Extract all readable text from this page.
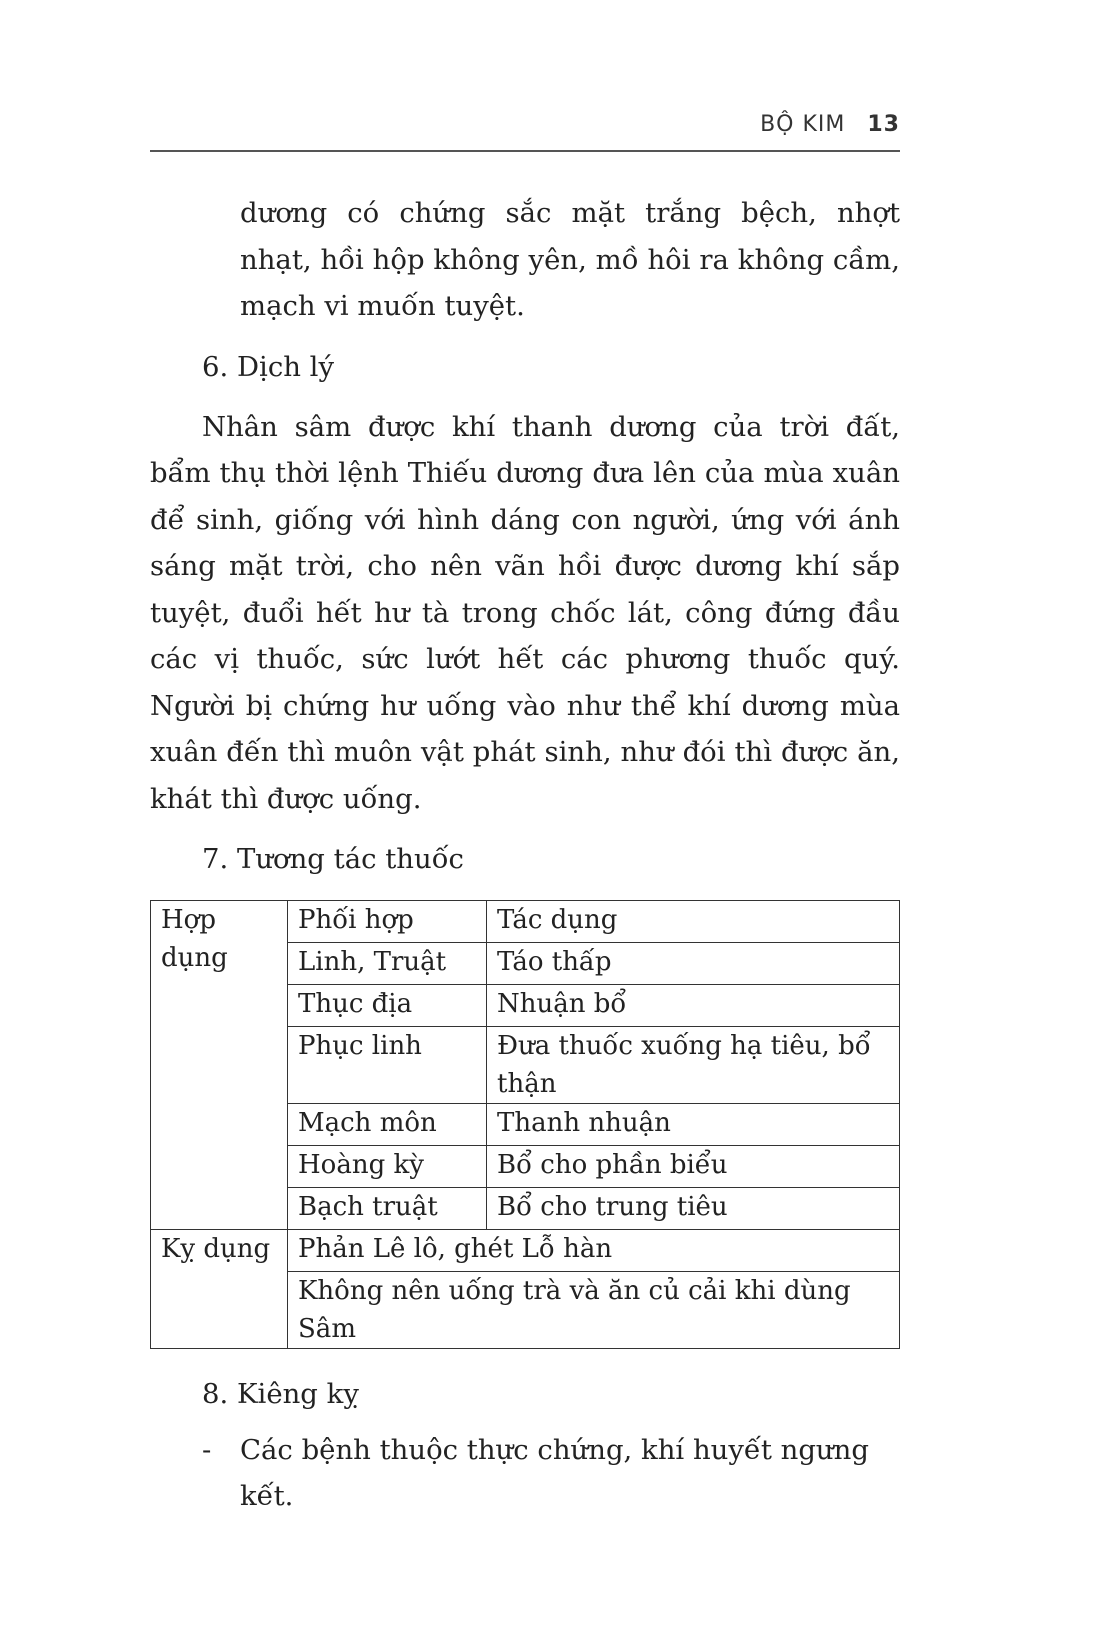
BỘ KIM 13

dương có chứng sắc mặt trắng bệch, nhợt nhạt, hồi hộp không yên, mồ hôi ra không cầm, mạch vi muốn tuyệt.

6. Dịch lý

Nhân sâm được khí thanh dương của trời đất, bẩm thụ thời lệnh Thiếu dương đưa lên của mùa xuân để sinh, giống với hình dáng con người, ứng với ánh sáng mặt trời, cho nên vãn hồi được dương khí sắp tuyệt, đuổi hết hư tà trong chốc lát, công đứng đầu các vị thuốc, sức lướt hết các phương thuốc quý. Người bị chứng hư uống vào như thể khí dương mùa xuân đến thì muôn vật phát sinh, như đói thì được ăn, khát thì được uống.

7. Tương tác thuốc

Hợp dụng	Phối hợp	Tác dụng
	Linh, Truật	Táo thấp
	Thục địa	Nhuận bổ
	Phục linh	Đưa thuốc xuống hạ tiêu, bổ thận
	Mạch môn	Thanh nhuận
	Hoàng kỳ	Bổ cho phần biểu
	Bạch truật	Bổ cho trung tiêu
Kỵ dụng	Phản Lê lô, ghét Lỗ hàn	
	Không nên uống trà và ăn củ cải khi dùng Sâm	

8. Kiêng kỵ

-	Các bệnh thuộc thực chứng, khí huyết ngưng kết.
